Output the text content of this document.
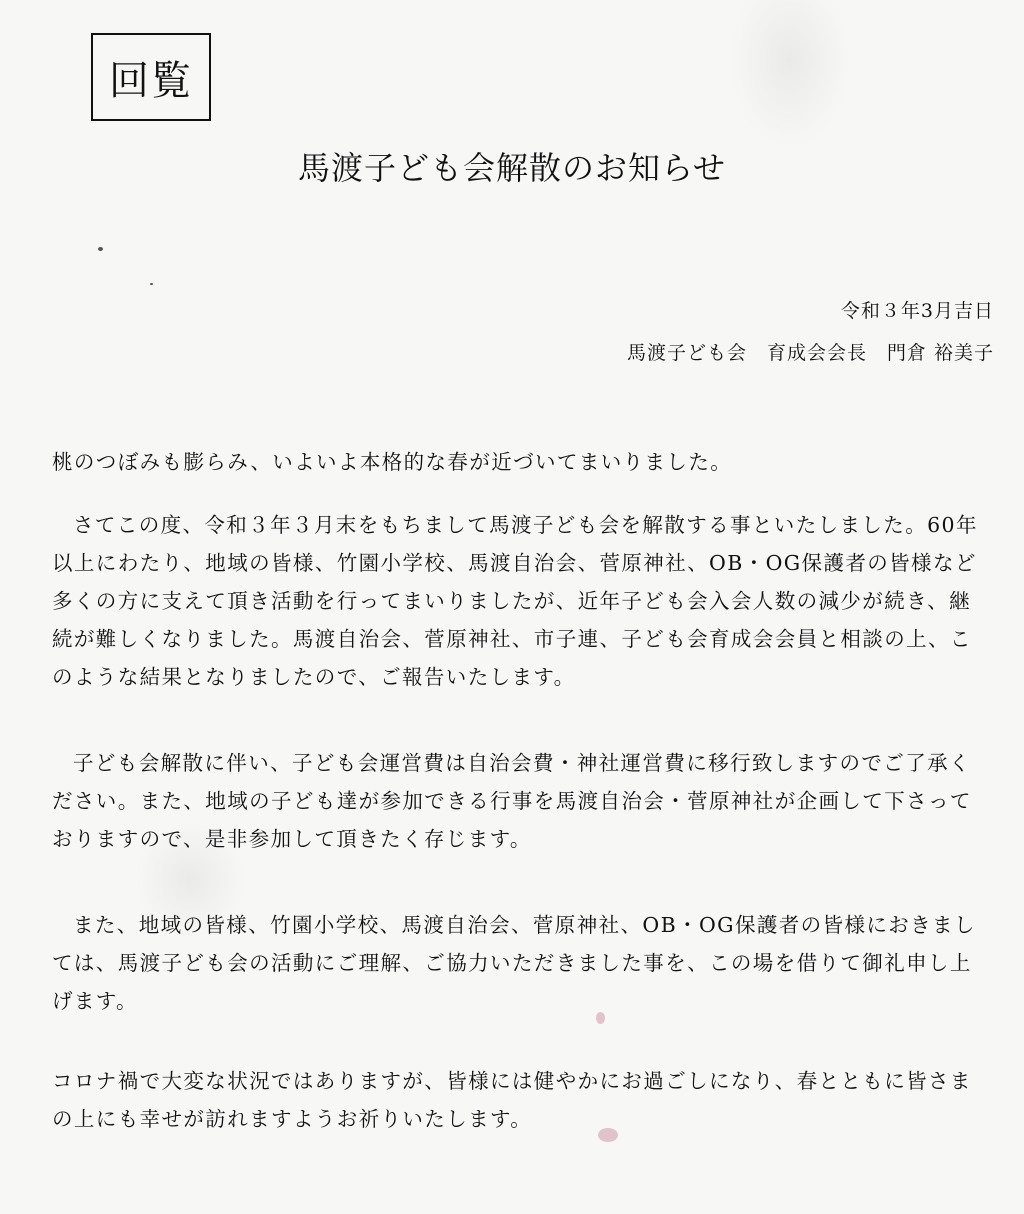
回覧
馬渡子ども会解散のお知らせ
令和３年3月吉日
馬渡子ども会　育成会会長　門倉 裕美子

桃のつぼみも膨らみ、いよいよ本格的な春が近づいてまいりました。

さてこの度、令和３年３月末をもちまして馬渡子ども会を解散する事といたしました。60年以上にわたり、地域の皆様、竹園小学校、馬渡自治会、菅原神社、OB・OG保護者の皆様など多くの方に支えて頂き活動を行ってまいりましたが、近年子ども会入会人数の減少が続き、継続が難しくなりました。馬渡自治会、菅原神社、市子連、子ども会育成会会員と相談の上、このような結果となりましたので、ご報告いたします。

子ども会解散に伴い、子ども会運営費は自治会費・神社運営費に移行致しますのでご了承ください。また、地域の子ども達が参加できる行事を馬渡自治会・菅原神社が企画して下さっておりますので、是非参加して頂きたく存じます。

また、地域の皆様、竹園小学校、馬渡自治会、菅原神社、OB・OG保護者の皆様におきましては、馬渡子ども会の活動にご理解、ご協力いただきました事を、この場を借りて御礼申し上げます。

コロナ禍で大変な状況ではありますが、皆様には健やかにお過ごしになり、春とともに皆さまの上にも幸せが訪れますようお祈りいたします。
